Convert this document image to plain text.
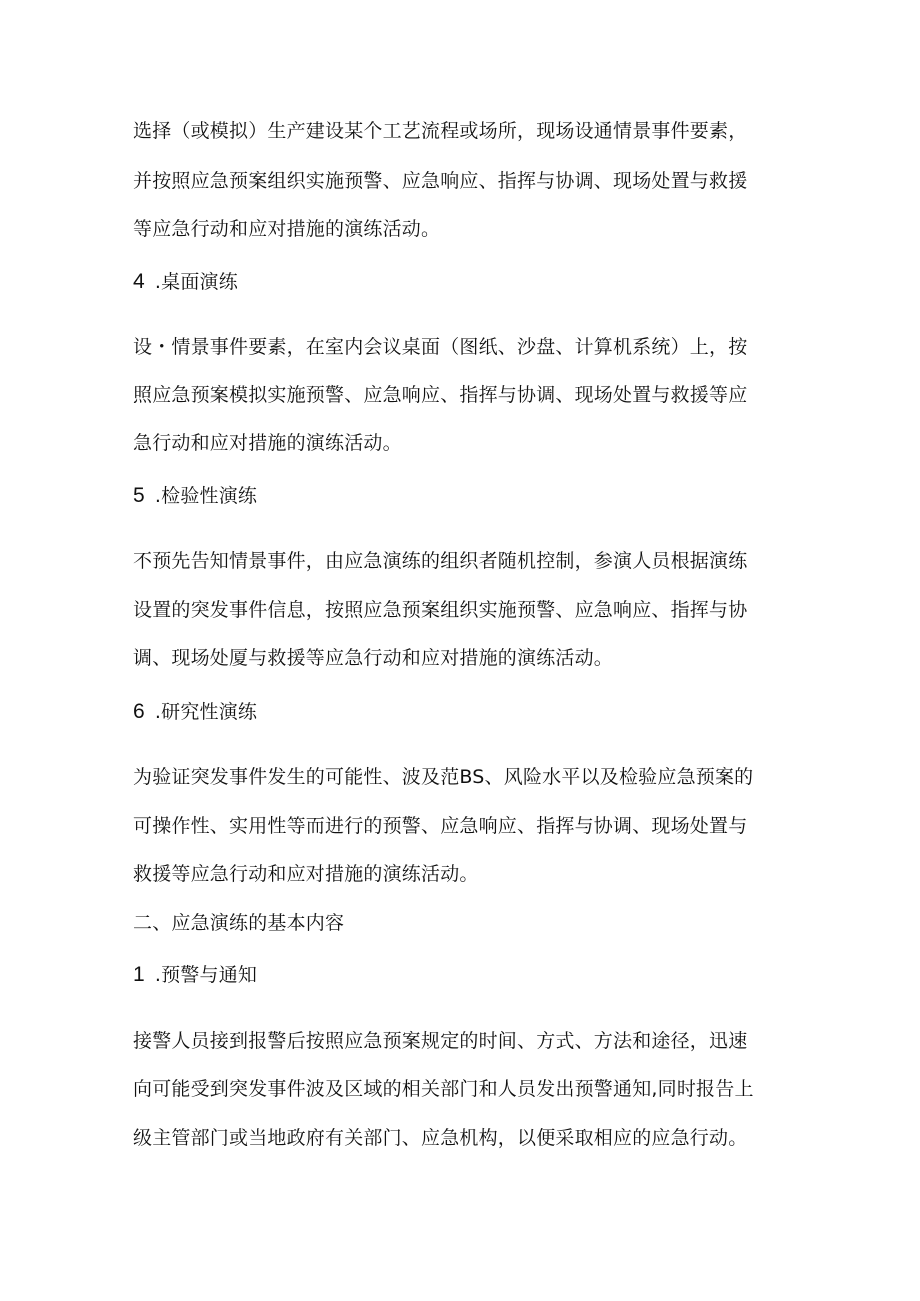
选择（或模拟）生产建设某个工艺流程或场所，现场设通情景事件要素，
并按照应急预案组织实施预警、应急响应、指挥与协调、现场处置与救援
等应急行动和应对措施的演练活动。
4 .桌面演练
设・情景事件要素，在室内会议桌面（图纸、沙盘、计算机系统）上，按
照应急预案模拟实施预警、应急响应、指挥与协调、现场处置与救援等应
急行动和应对措施的演练活动。
5 .检验性演练
不预先告知情景事件，由应急演练的组织者随机控制，参演人员根据演练
设置的突发事件信息，按照应急预案组织实施预警、应急响应、指挥与协
调、现场处厦与救援等应急行动和应对措施的演练活动。
6 .研究性演练
为验证突发事件发生的可能性、波及范BS、风险水平以及检验应急预案的
可操作性、实用性等而进行的预警、应急响应、指挥与协调、现场处置与
救援等应急行动和应对措施的演练活动。
二、应急演练的基本内容
1 .预警与通知
接警人员接到报警后按照应急预案规定的时间、方式、方法和途径，迅速
向可能受到突发事件波及区域的相关部门和人员发出预警通知,同时报告上
级主管部门或当地政府有关部门、应急机构，以便采取相应的应急行动。
